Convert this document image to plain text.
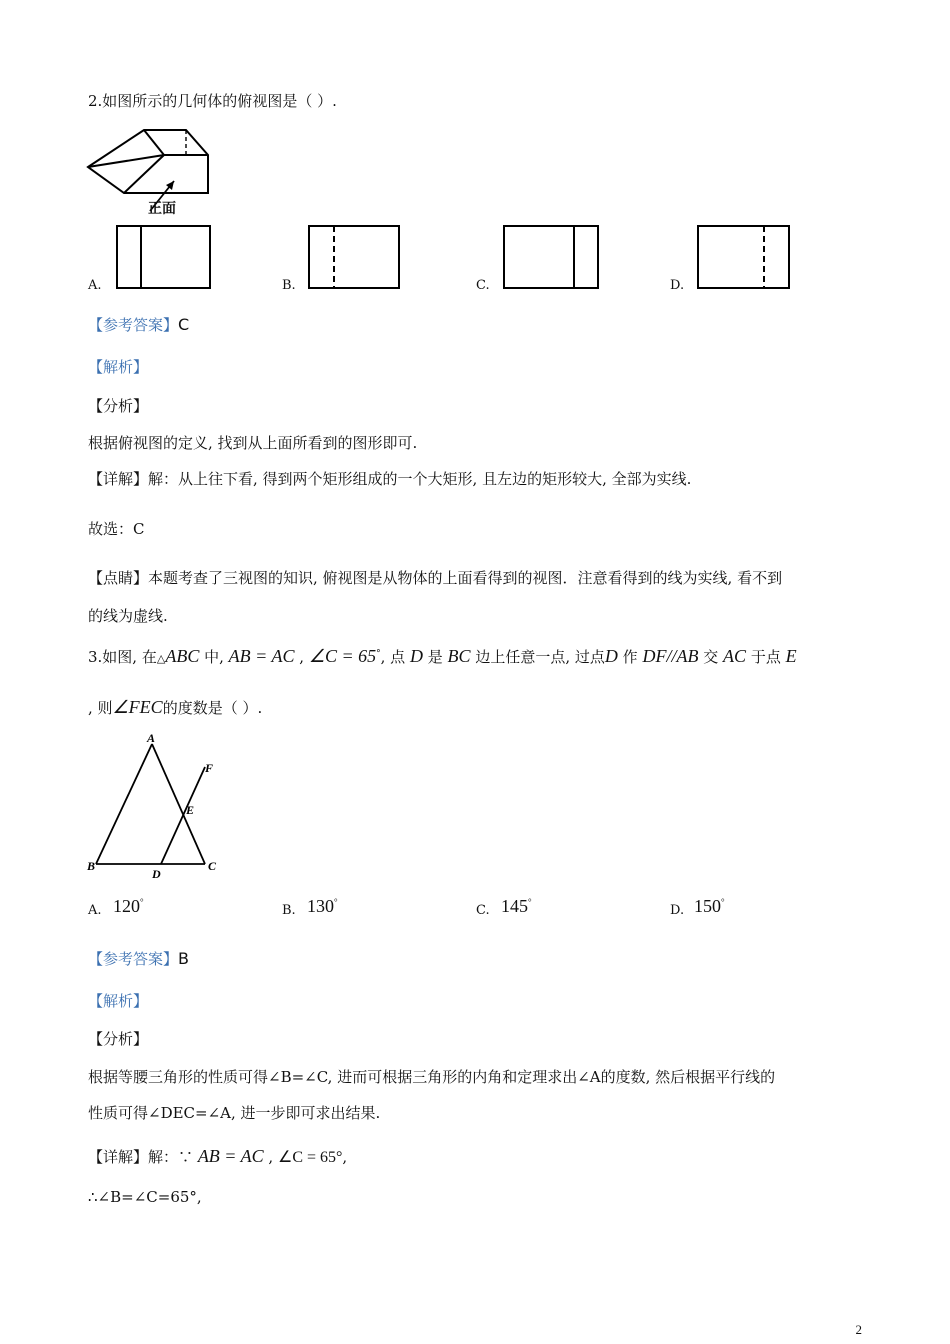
2.如图所示的几何体的俯视图是（ ）.
正面
A.	B.	C.	D.
【参考答案】C
【解析】
【分析】
根据俯视图的定义, 找到从上面所看到的图形即可.
【详解】解：从上往下看, 得到两个矩形组成的一个大矩形, 且左边的矩形较大, 全部为实线.
故选：C
【点睛】本题考查了三视图的知识, 俯视图是从物体的上面看得到的视图．注意看得到的线为实线, 看不到
的线为虚线.
3.如图, 在△ABC 中, AB = AC , ∠C = 65°, 点 D 是 BC 边上任意一点, 过点D 作 DF//AB 交 AC 于点 E
, 则∠FEC的度数是（ ）.
A
B	C
D
E
F
A. 120°
B. 130°
C. 145°
D. 150°
【参考答案】B
【解析】
【分析】
根据等腰三角形的性质可得∠B=∠C, 进而可根据三角形的内角和定理求出∠A的度数, 然后根据平行线的
性质可得∠DEC=∠A, 进一步即可求出结果.
【详解】解：∵ AB = AC , ∠C = 65°,
∴∠B=∠C=65°,
2
